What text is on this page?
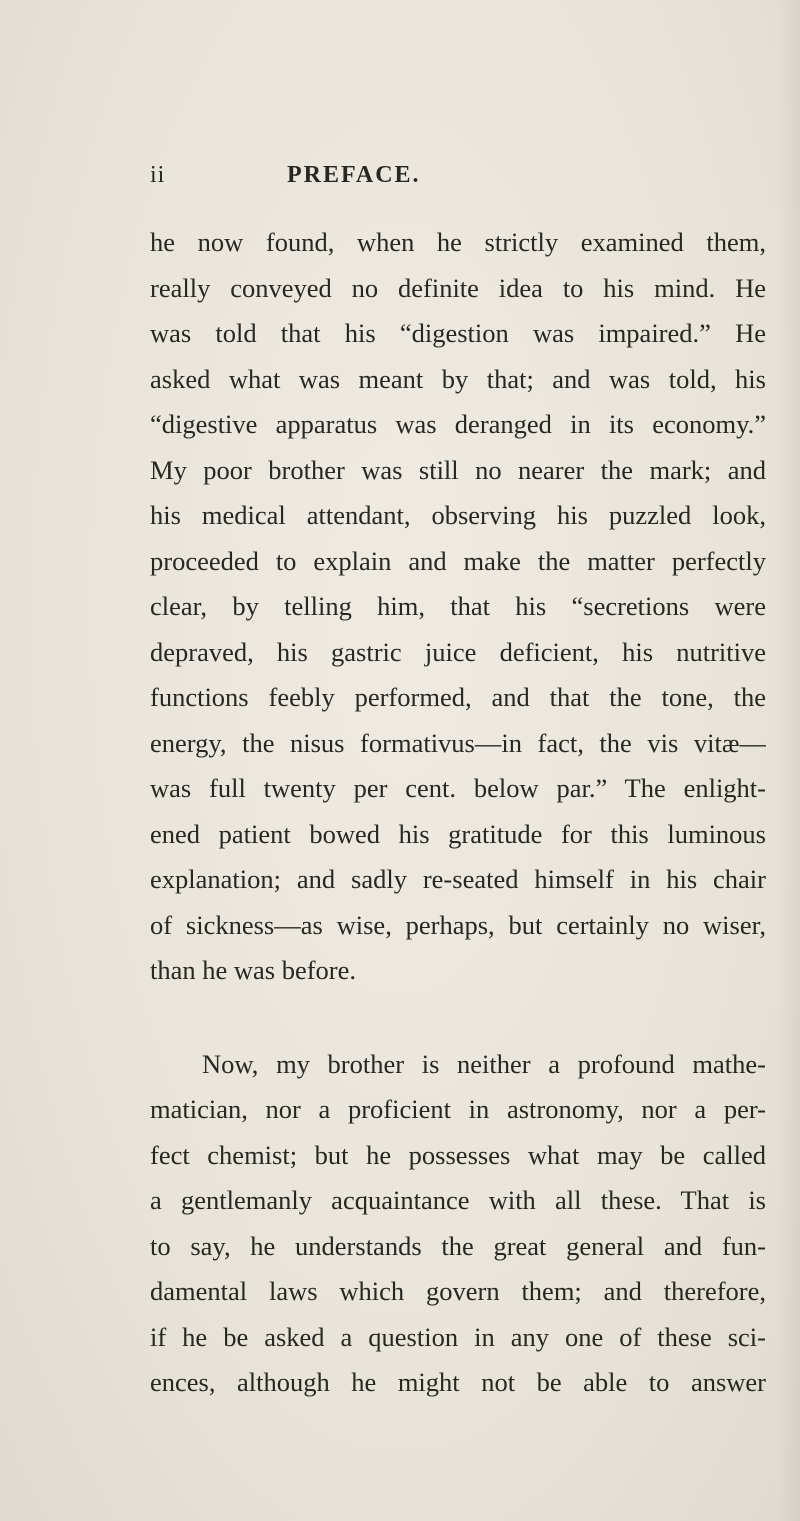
ii	PREFACE.
he now found, when he strictly examined them,
really conveyed no definite idea to his mind. He
was told that his “digestion was impaired.” He
asked what was meant by that; and was told, his
“digestive apparatus was deranged in its economy.”
My poor brother was still no nearer the mark; and
his medical attendant, observing his puzzled look,
proceeded to explain and make the matter perfectly
clear, by telling him, that his “secretions were
depraved, his gastric juice deficient, his nutritive
functions feebly performed, and that the tone, the
energy, the nisus formativus—in fact, the vis vitæ—
was full twenty per cent. below par.” The enlight-
ened patient bowed his gratitude for this luminous
explanation; and sadly re-seated himself in his chair
of sickness—as wise, perhaps, but certainly no wiser,
than he was before.
Now, my brother is neither a profound mathe-
matician, nor a proficient in astronomy, nor a per-
fect chemist; but he possesses what may be called
a gentlemanly acquaintance with all these. That is
to say, he understands the great general and fun-
damental laws which govern them; and therefore,
if he be asked a question in any one of these sci-
ences, although he might not be able to answer
